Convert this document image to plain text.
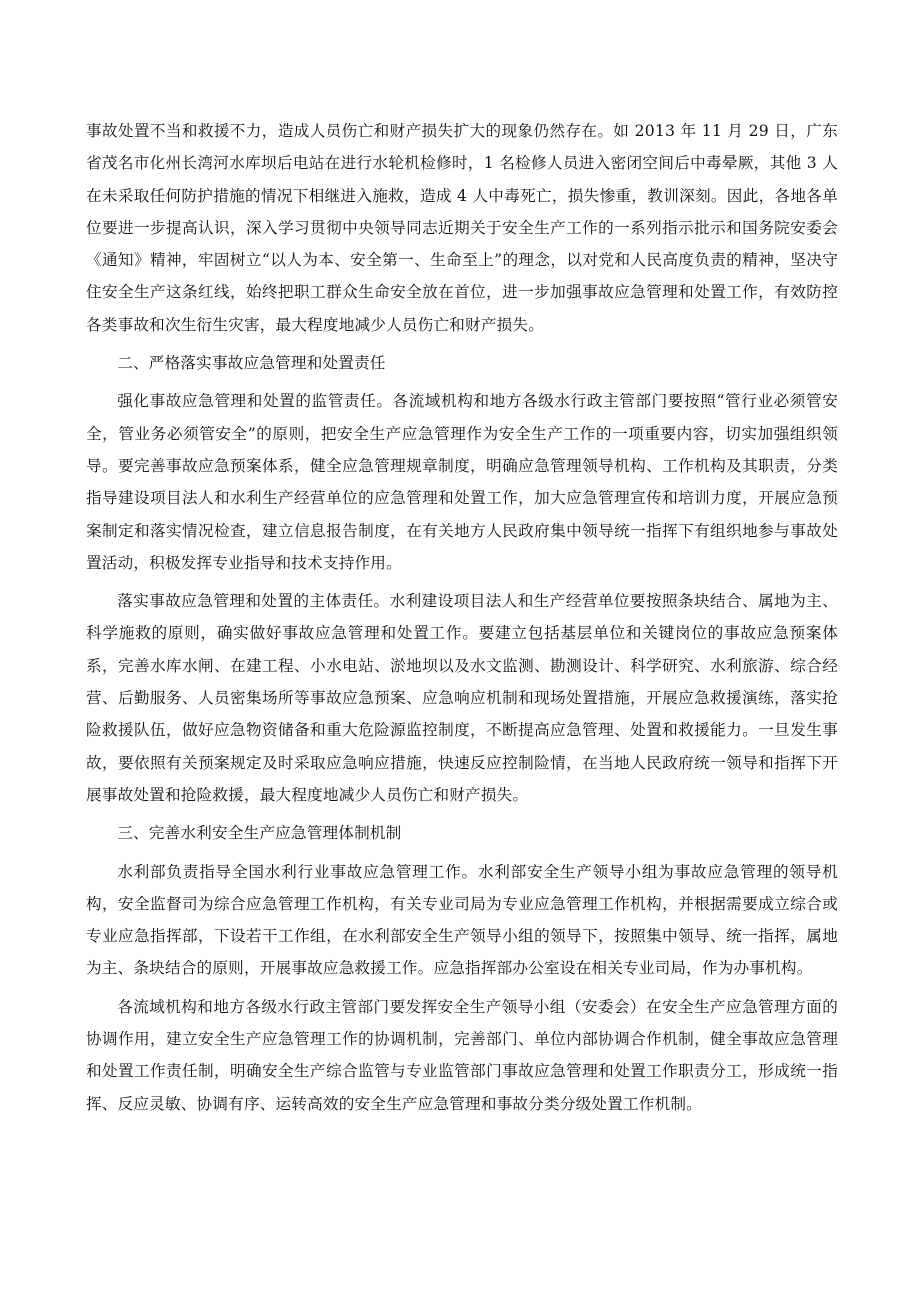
事故处置不当和救援不力，造成人员伤亡和财产损失扩大的现象仍然存在。如 2013 年 11 月 29 日，广东省茂名市化州长湾河水库坝后电站在进行水轮机检修时，1 名检修人员进入密闭空间后中毒晕厥，其他 3 人在未采取任何防护措施的情况下相继进入施救，造成 4 人中毒死亡，损失惨重，教训深刻。因此，各地各单位要进一步提高认识，深入学习贯彻中央领导同志近期关于安全生产工作的一系列指示批示和国务院安委会《通知》精神，牢固树立“以人为本、安全第一、生命至上”的理念，以对党和人民高度负责的精神，坚决守住安全生产这条红线，始终把职工群众生命安全放在首位，进一步加强事故应急管理和处置工作，有效防控各类事故和次生衍生灾害，最大程度地减少人员伤亡和财产损失。

二、严格落实事故应急管理和处置责任

强化事故应急管理和处置的监管责任。各流域机构和地方各级水行政主管部门要按照“管行业必须管安全，管业务必须管安全”的原则，把安全生产应急管理作为安全生产工作的一项重要内容，切实加强组织领导。要完善事故应急预案体系，健全应急管理规章制度，明确应急管理领导机构、工作机构及其职责，分类指导建设项目法人和水利生产经营单位的应急管理和处置工作，加大应急管理宣传和培训力度，开展应急预案制定和落实情况检查，建立信息报告制度，在有关地方人民政府集中领导统一指挥下有组织地参与事故处置活动，积极发挥专业指导和技术支持作用。

落实事故应急管理和处置的主体责任。水利建设项目法人和生产经营单位要按照条块结合、属地为主、科学施救的原则，确实做好事故应急管理和处置工作。要建立包括基层单位和关键岗位的事故应急预案体系，完善水库水闸、在建工程、小水电站、淤地坝以及水文监测、勘测设计、科学研究、水利旅游、综合经营、后勤服务、人员密集场所等事故应急预案、应急响应机制和现场处置措施，开展应急救援演练，落实抢险救援队伍，做好应急物资储备和重大危险源监控制度，不断提高应急管理、处置和救援能力。一旦发生事故，要依照有关预案规定及时采取应急响应措施，快速反应控制险情，在当地人民政府统一领导和指挥下开展事故处置和抢险救援，最大程度地减少人员伤亡和财产损失。

三、完善水利安全生产应急管理体制机制

水利部负责指导全国水利行业事故应急管理工作。水利部安全生产领导小组为事故应急管理的领导机构，安全监督司为综合应急管理工作机构，有关专业司局为专业应急管理工作机构，并根据需要成立综合或专业应急指挥部，下设若干工作组，在水利部安全生产领导小组的领导下，按照集中领导、统一指挥，属地为主、条块结合的原则，开展事故应急救援工作。应急指挥部办公室设在相关专业司局，作为办事机构。

各流域机构和地方各级水行政主管部门要发挥安全生产领导小组（安委会）在安全生产应急管理方面的协调作用，建立安全生产应急管理工作的协调机制，完善部门、单位内部协调合作机制，健全事故应急管理和处置工作责任制，明确安全生产综合监管与专业监管部门事故应急管理和处置工作职责分工，形成统一指挥、反应灵敏、协调有序、运转高效的安全生产应急管理和事故分类分级处置工作机制。
